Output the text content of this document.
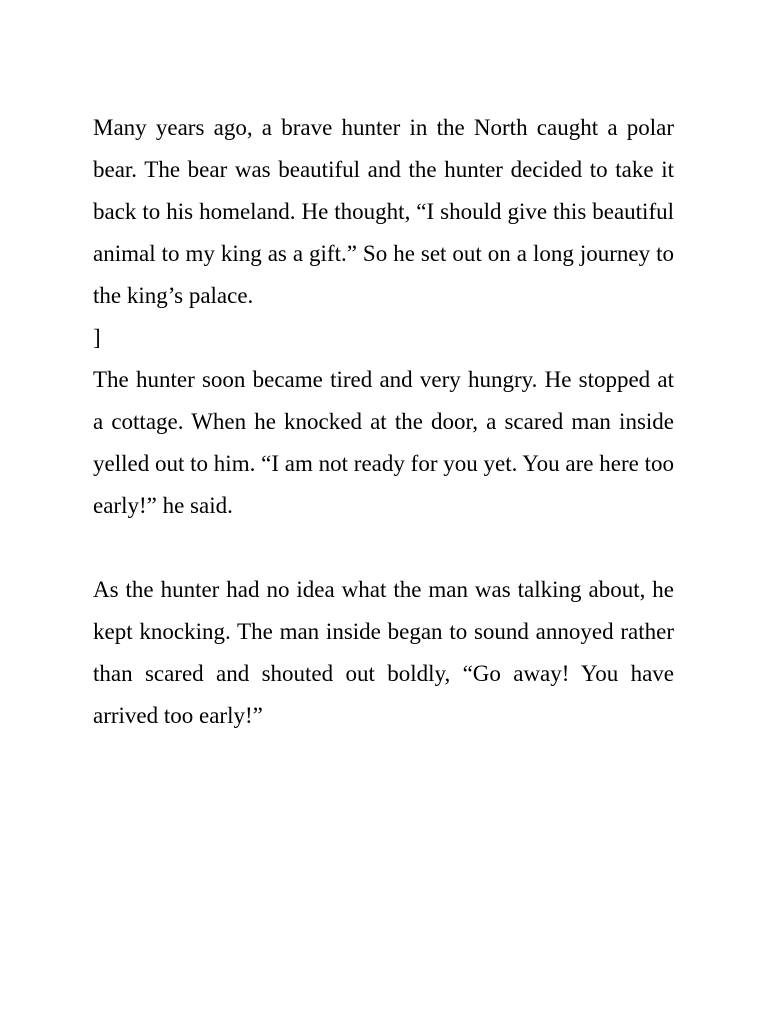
Many years ago, a brave hunter in the North caught a polar bear. The bear was beautiful and the hunter decided to take it back to his homeland. He thought, “I should give this beautiful animal to my king as a gift.” So he set out on a long journey to the king’s palace.

]

The hunter soon became tired and very hungry. He stopped at a cottage. When he knocked at the door, a scared man inside yelled out to him. “I am not ready for you yet. You are here too early!” he said.

As the hunter had no idea what the man was talking about, he kept knocking. The man inside began to sound annoyed rather than scared and shouted out boldly, “Go away! You have arrived too early!”
